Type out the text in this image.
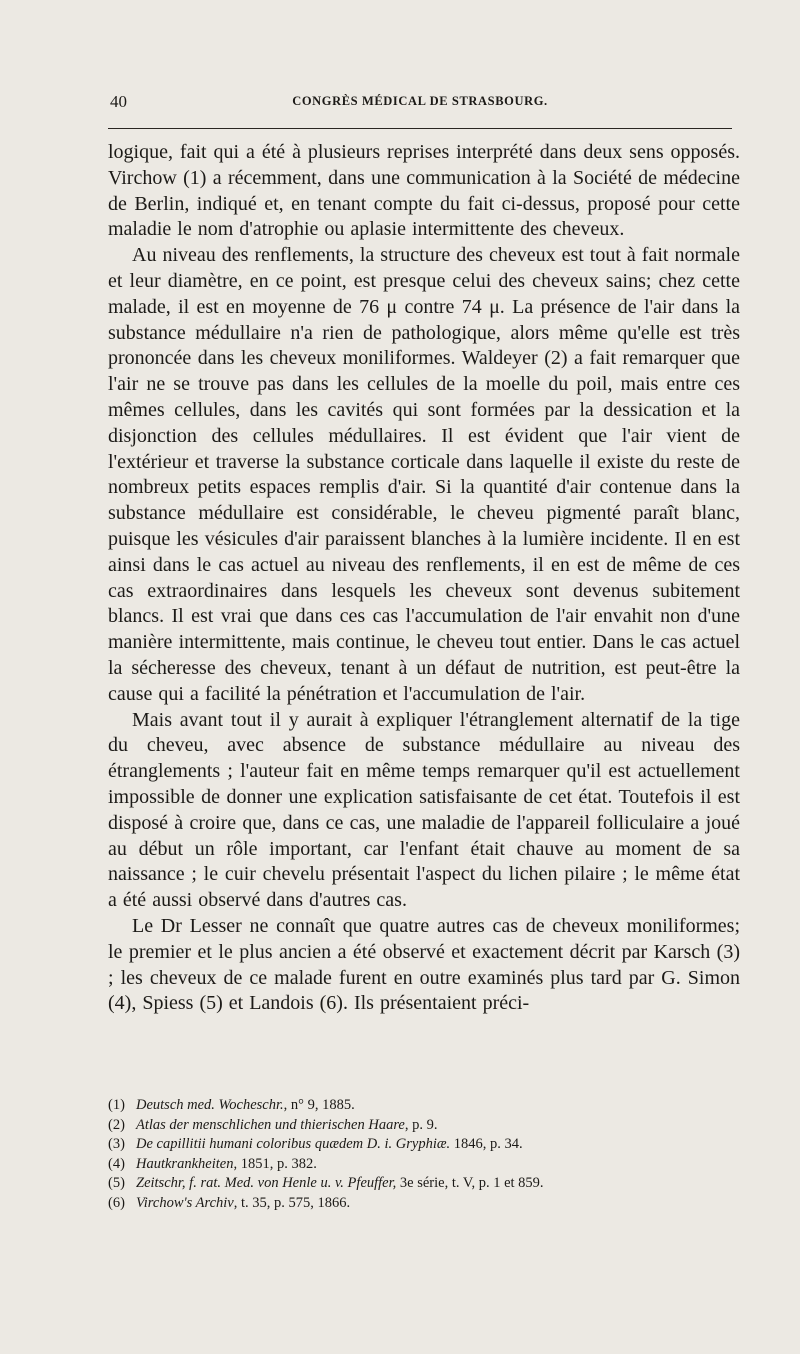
40	CONGRÈS MÉDICAL DE STRASBOURG.

logique, fait qui a été à plusieurs reprises interprété dans deux sens opposés. Virchow (1) a récemment, dans une communication à la Société de médecine de Berlin, indiqué et, en tenant compte du fait ci-dessus, proposé pour cette maladie le nom d'atrophie ou aplasie intermittente des cheveux.

Au niveau des renflements, la structure des cheveux est tout à fait normale et leur diamètre, en ce point, est presque celui des cheveux sains; chez cette malade, il est en moyenne de 76 μ contre 74 μ. La présence de l'air dans la substance médullaire n'a rien de pathologique, alors même qu'elle est très prononcée dans les cheveux moniliformes. Waldeyer (2) a fait remarquer que l'air ne se trouve pas dans les cellules de la moelle du poil, mais entre ces mêmes cellules, dans les cavités qui sont formées par la dessication et la disjonction des cellules médullaires. Il est évident que l'air vient de l'extérieur et traverse la substance corticale dans laquelle il existe du reste de nombreux petits espaces remplis d'air. Si la quantité d'air contenue dans la substance médullaire est considérable, le cheveu pigmenté paraît blanc, puisque les vésicules d'air paraissent blanches à la lumière incidente. Il en est ainsi dans le cas actuel au niveau des renflements, il en est de même de ces cas extraordinaires dans lesquels les cheveux sont devenus subitement blancs. Il est vrai que dans ces cas l'accumulation de l'air envahit non d'une manière intermittente, mais continue, le cheveu tout entier. Dans le cas actuel la sécheresse des cheveux, tenant à un défaut de nutrition, est peut-être la cause qui a facilité la pénétration et l'accumulation de l'air.

Mais avant tout il y aurait à expliquer l'étranglement alternatif de la tige du cheveu, avec absence de substance médullaire au niveau des étranglements ; l'auteur fait en même temps remarquer qu'il est actuellement impossible de donner une explication satisfaisante de cet état. Toutefois il est disposé à croire que, dans ce cas, une maladie de l'appareil folliculaire a joué au début un rôle important, car l'enfant était chauve au moment de sa naissance ; le cuir chevelu présentait l'aspect du lichen pilaire ; le même état a été aussi observé dans d'autres cas.

Le Dr Lesser ne connaît que quatre autres cas de cheveux moniliformes; le premier et le plus ancien a été observé et exactement décrit par Karsch (3) ; les cheveux de ce malade furent en outre examinés plus tard par G. Simon (4), Spiess (5) et Landois (6). Ils présentaient préci-

(1) Deutsch med. Wocheschr., n° 9, 1885.
(2) Atlas der menschlichen und thierischen Haare, p. 9.
(3) De capillitii humani coloribus quædem D. i. Gryphiæ. 1846, p. 34.
(4) Hautkrankheiten, 1851, p. 382.
(5) Zeitschr, f. rat. Med. von Henle u. v. Pfeuffer, 3e série, t. V, p. 1 et 859.
(6) Virchow's Archiv, t. 35, p. 575, 1866.
